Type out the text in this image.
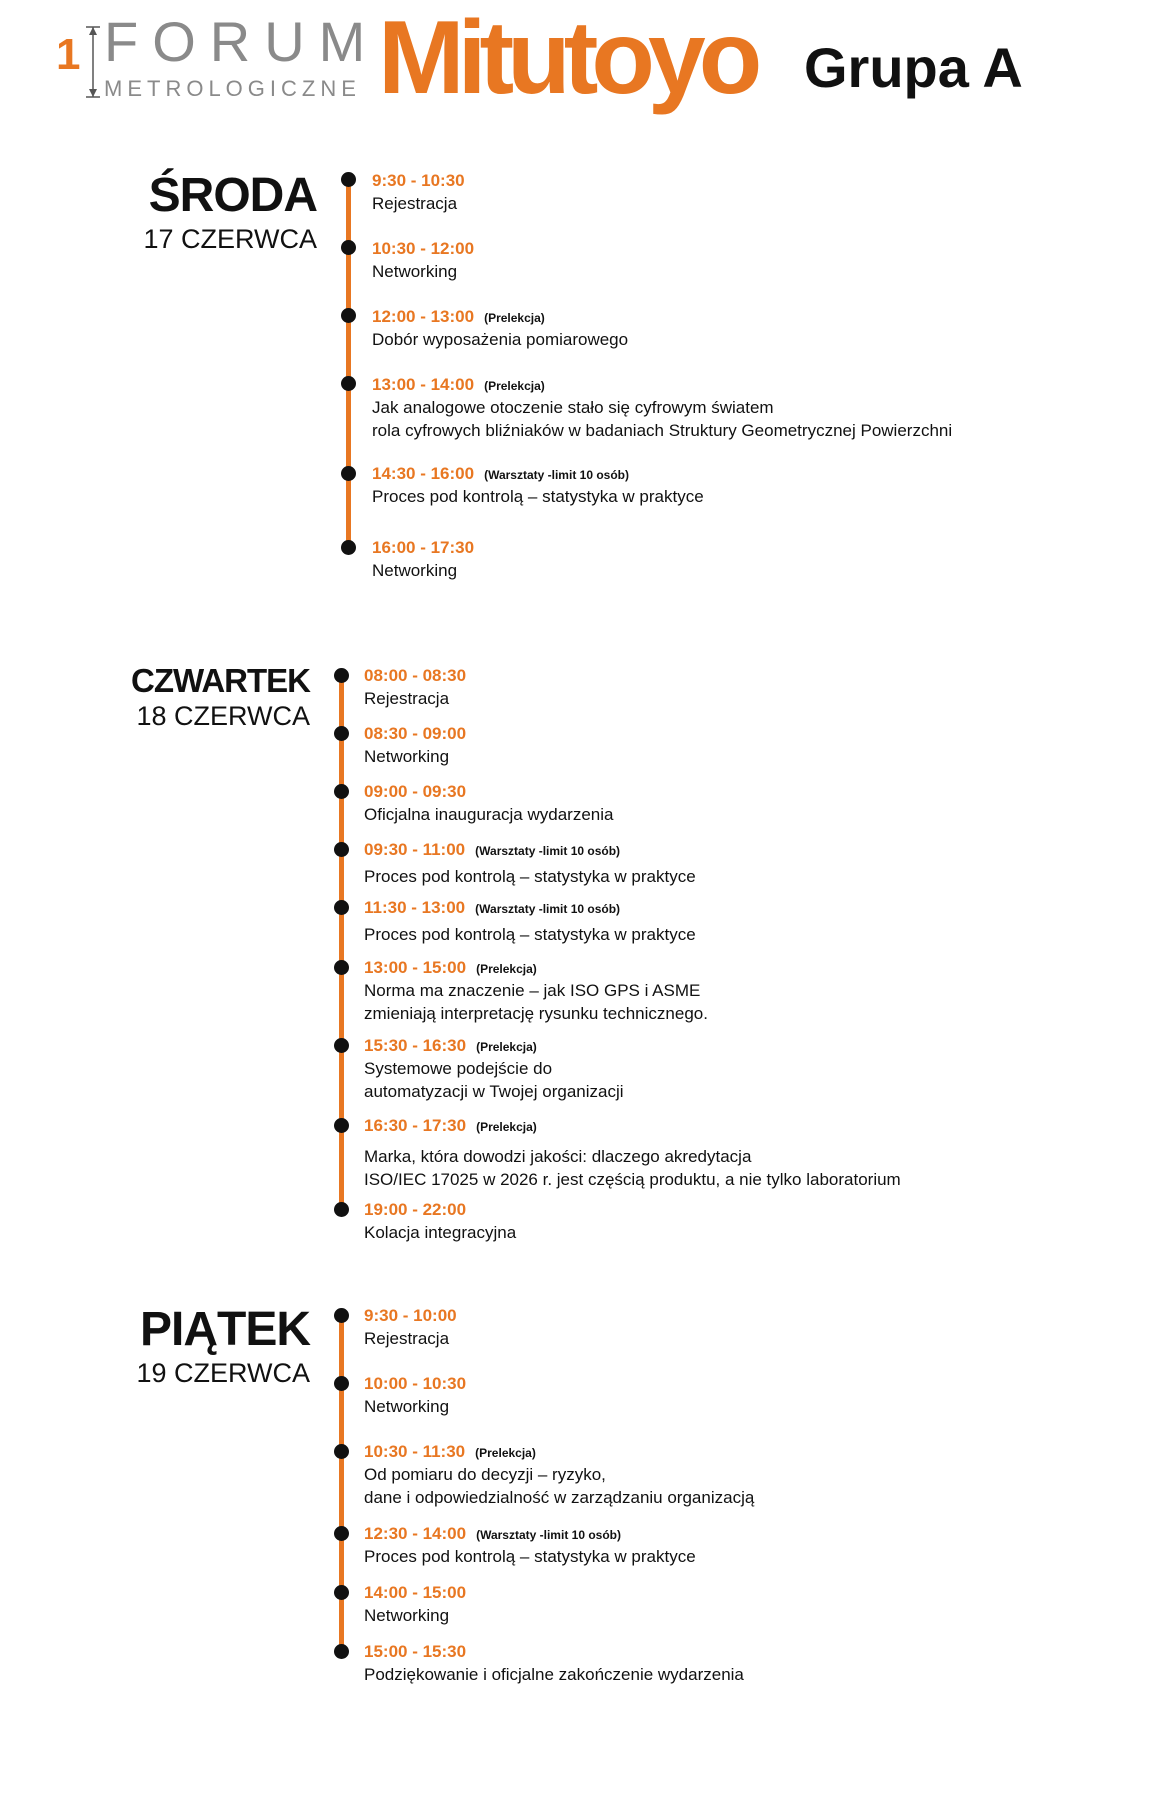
1 FORUM
METROLOGICZNE Mitutoyo Grupa A
ŚRODA
17 CZERWCA
9:30 - 10:30
Rejestracja
10:30 - 12:00
Networking
12:00 - 13:00 (Prelekcja)
Dobór wyposażenia pomiarowego
13:00 - 14:00 (Prelekcja)
Jak analogowe otoczenie stało się cyfrowym światem
rola cyfrowych bliźniaków w badaniach Struktury Geometrycznej Powierzchni
14:30 - 16:00 (Warsztaty -limit 10 osób)
Proces pod kontrolą – statystyka w praktyce
16:00 - 17:30
Networking
CZWARTEK
18 CZERWCA
08:00 - 08:30
Rejestracja
08:30 - 09:00
Networking
09:00 - 09:30
Oficjalna inauguracja wydarzenia
09:30 - 11:00 (Warsztaty -limit 10 osób)
Proces pod kontrolą – statystyka w praktyce
11:30 - 13:00 (Warsztaty -limit 10 osób)
Proces pod kontrolą – statystyka w praktyce
13:00 - 15:00 (Prelekcja)
Norma ma znaczenie – jak ISO GPS i ASME
zmieniają interpretację rysunku technicznego.
15:30 - 16:30 (Prelekcja)
Systemowe podejście do
automatyzacji w Twojej organizacji
16:30 - 17:30 (Prelekcja)
Marka, która dowodzi jakości: dlaczego akredytacja
ISO/IEC 17025 w 2026 r. jest częścią produktu, a nie tylko laboratorium
19:00 - 22:00
Kolacja integracyjna
PIĄTEK
19 CZERWCA
9:30 - 10:00
Rejestracja
10:00 - 10:30
Networking
10:30 - 11:30 (Prelekcja)
Od pomiaru do decyzji – ryzyko,
dane i odpowiedzialność w zarządzaniu organizacją
12:30 - 14:00 (Warsztaty -limit 10 osób)
Proces pod kontrolą – statystyka w praktyce
14:00 - 15:00
Networking
15:00 - 15:30
Podziękowanie i oficjalne zakończenie wydarzenia
